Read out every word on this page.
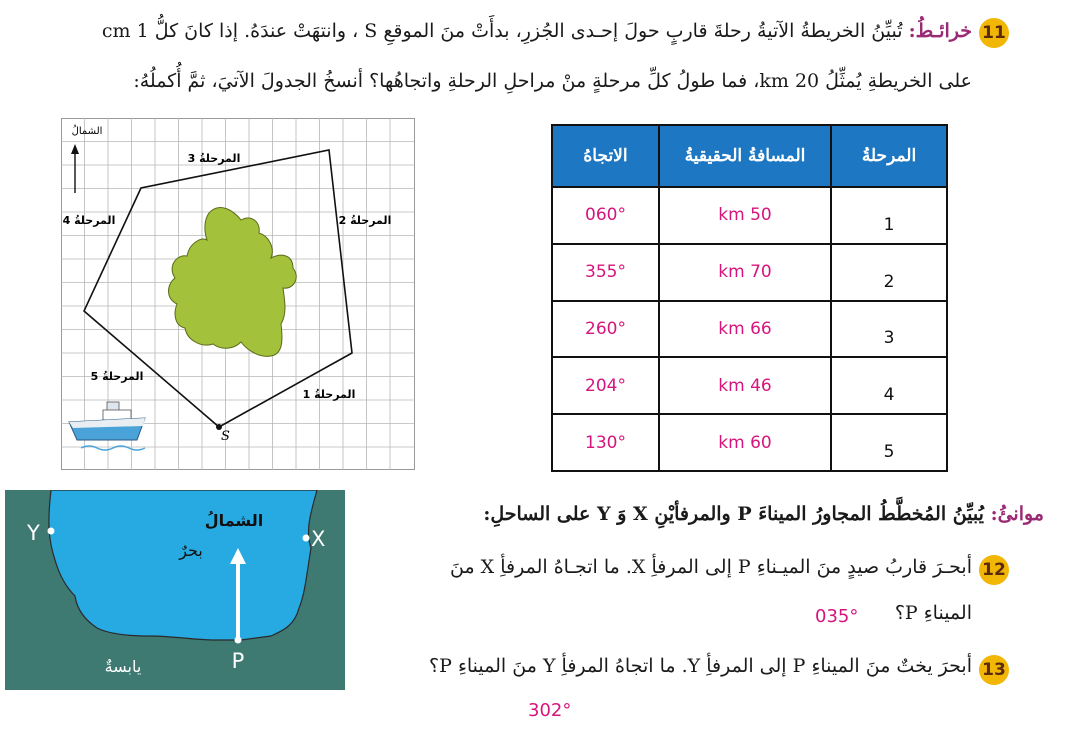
11
خرائـطُ: تُبيِّنُ الخريطةُ الآتيةُ رحلةَ قاربٍ حولَ إحـدى الجُزرِ، بدأَتْ منَ الموقعِ S ، وانتهَتْ عندَهُ. إذا كانَ كلُّ 1 cm
على الخريطةِ يُمثِّلُ 20 km، فما طولُ كلِّ مرحلةٍ منْ مراحلِ الرحلةِ واتجاهُها؟ أنسخُ الجدولَ الآتيَ، ثمَّ أُكملُهُ:
S
الشمالُ
المرحلةُ 3
المرحلةُ 2
المرحلةُ 4
المرحلةُ 5
المرحلةُ 1
المرحلةُ	المسافةُ الحقيقيةُ	الاتجاهُ
1	50 km	060°
2	70 km	355°
3	66 km	260°
4	46 km	204°
5	60 km	130°
الشمالُ
بحرٌ
يابسةٌ	P
X
Y
موانئُ: يُبيِّنُ المُخطَّطُ المجاورُ الميناءَ P والمرفأيْنِ X وَ Y على الساحلِ:
12
أبحـرَ قاربُ صيدٍ منَ الميـناءِ P إلى المرفأِ X. ما اتجـاهُ المرفأِ X منَ
الميناءِ P؟
035°
13
أبحرَ يختٌ منَ الميناءِ P إلى المرفأِ Y. ما اتجاهُ المرفأِ Y منَ الميناءِ P؟
302°
